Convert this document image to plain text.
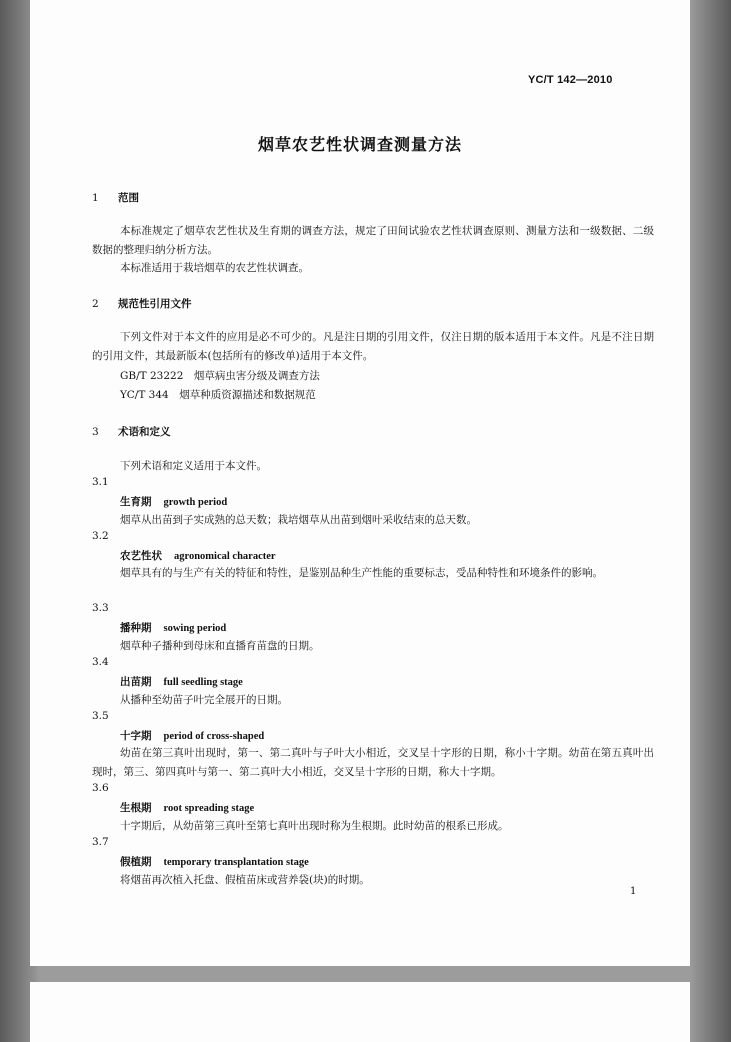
YC/T 142—2010
烟草农艺性状调查测量方法
1 范围
本标准规定了烟草农艺性状及生育期的调查方法，规定了田间试验农艺性状调查原则、测量方法和一级数据、二级数据的整理归纳分析方法。
本标准适用于栽培烟草的农艺性状调查。
2 规范性引用文件
下列文件对于本文件的应用是必不可少的。凡是注日期的引用文件，仅注日期的版本适用于本文件。凡是不注日期的引用文件，其最新版本(包括所有的修改单)适用于本文件。
GB/T 23222　烟草病虫害分级及调查方法
YC/T 344　烟草种质资源描述和数据规范
3 术语和定义
下列术语和定义适用于本文件。
3.1
生育期 growth period
烟草从出苗到子实成熟的总天数；栽培烟草从出苗到烟叶采收结束的总天数。
3.2
农艺性状 agronomical character
烟草具有的与生产有关的特征和特性，是鉴别品种生产性能的重要标志，受品种特性和环境条件的影响。
3.3
播种期 sowing period
烟草种子播种到母床和直播育苗盘的日期。
3.4
出苗期 full seedling stage
从播种至幼苗子叶完全展开的日期。
3.5
十字期 period of cross-shaped
幼苗在第三真叶出现时，第一、第二真叶与子叶大小相近，交叉呈十字形的日期，称小十字期。幼苗在第五真叶出现时，第三、第四真叶与第一、第二真叶大小相近，交叉呈十字形的日期，称大十字期。
3.6
生根期 root spreading stage
十字期后，从幼苗第三真叶至第七真叶出现时称为生根期。此时幼苗的根系已形成。
3.7
假植期 temporary transplantation stage
将烟苗再次植入托盘、假植苗床或营养袋(块)的时期。
1
